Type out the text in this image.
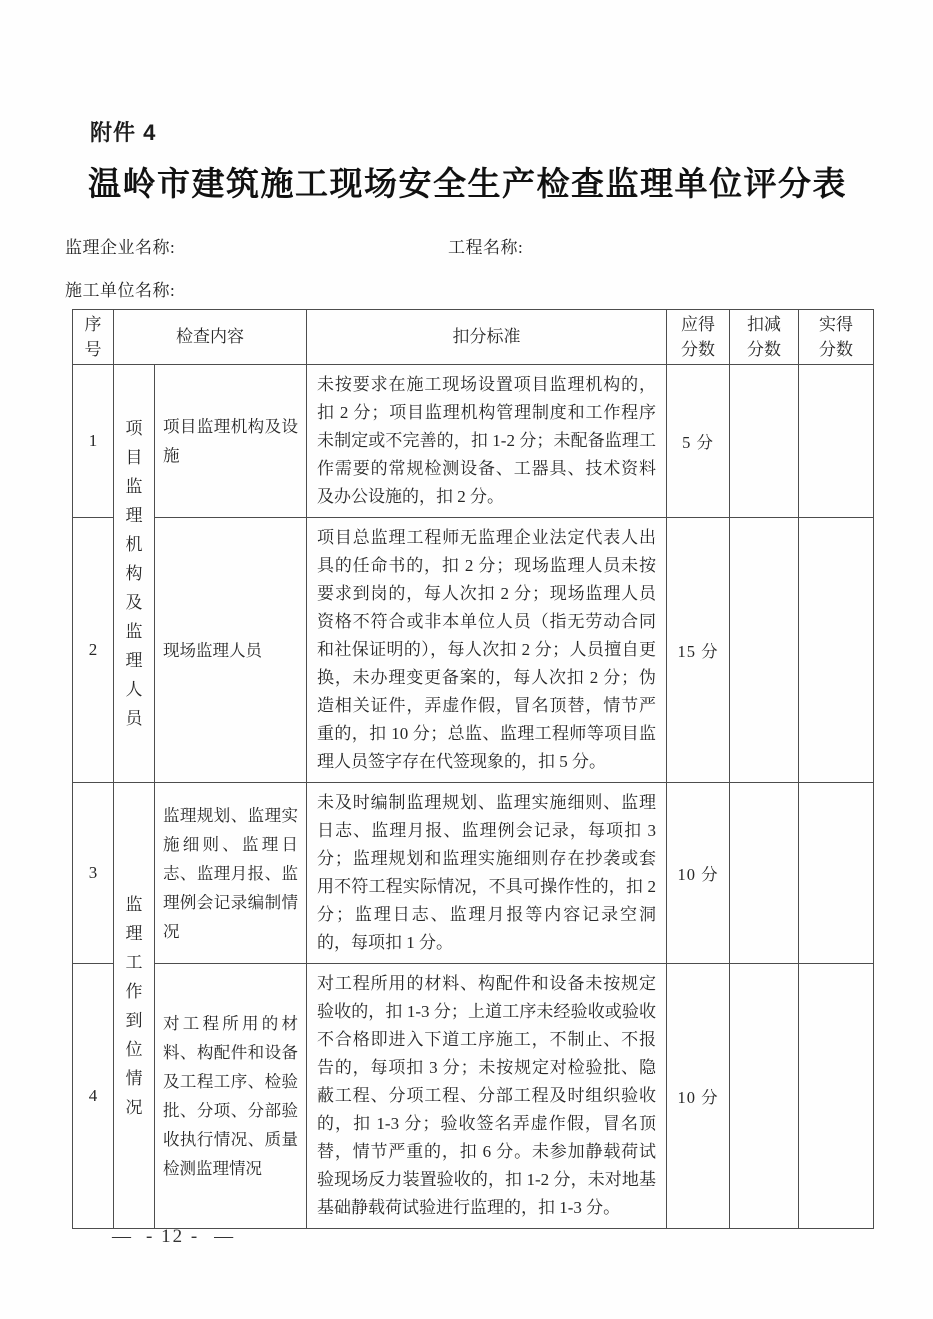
附件 4
温岭市建筑施工现场安全生产检查监理单位评分表
监理企业名称:	工程名称:
施工单位名称:
序号	检查内容		扣分标准	应得分数	扣减分数	实得分数
1	项目监理机构及监理人员	项目监理机构及设施	未按要求在施工现场设置项目监理机构的，扣 2 分；项目监理机构管理制度和工作程序未制定或不完善的，扣 1-2 分；未配备监理工作需要的常规检测设备、工器具、技术资料及办公设施的，扣 2 分。	5 分		
2		现场监理人员	项目总监理工程师无监理企业法定代表人出具的任命书的，扣 2 分；现场监理人员未按要求到岗的，每人次扣 2 分；现场监理人员资格不符合或非本单位人员（指无劳动合同和社保证明的），每人次扣 2 分；人员擅自更换，未办理变更备案的，每人次扣 2 分；伪造相关证件，弄虚作假，冒名顶替，情节严重的，扣 10 分；总监、监理工程师等项目监理人员签字存在代签现象的，扣 5 分。	15 分		
3	监理工作到位情况	监理规划、监理实施细则、监理日志、监理月报、监理例会记录编制情况	未及时编制监理规划、监理实施细则、监理日志、监理月报、监理例会记录，每项扣 3 分；监理规划和监理实施细则存在抄袭或套用不符工程实际情况，不具可操作性的，扣 2 分；监理日志、监理月报等内容记录空洞的，每项扣 1 分。	10 分		
4		对工程所用的材料、构配件和设备及工程工序、检验批、分项、分部验收执行情况、质量检测监理情况	对工程所用的材料、构配件和设备未按规定验收的，扣 1-3 分；上道工序未经验收或验收不合格即进入下道工序施工，不制止、不报告的，每项扣 3 分；未按规定对检验批、隐蔽工程、分项工程、分部工程及时组织验收的，扣 1-3 分；验收签名弄虚作假，冒名顶替，情节严重的，扣 6 分。未参加静载荷试验现场反力装置验收的，扣 1-2 分，未对地基基础静载荷试验进行监理的，扣 1-3 分。	10 分		
— - 12 - —
